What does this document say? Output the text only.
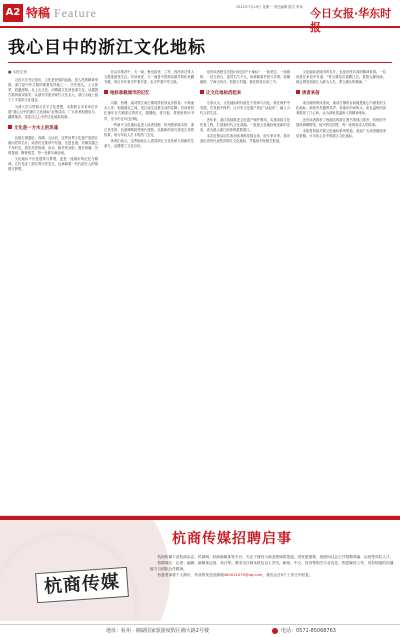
A2 特稿 Feature	2022年7月19日 星期一 责任编辑 版式 审读 今日女报·华东时报
我心目中的浙江文化地标
■ 本报记者

习近平总书记指出，文化是民族的血脉，是人民的精神家园。浙江是中华文明的重要发祥地之一，历史悠久，人文荟萃，底蕴深厚。从上山文化、河姆渡文化到良渚文化，从越国古都到南宋临安，从浙东学派到现代文化名人，浙江大地上留下了丰富的文化遗存。

为深入学习贯彻习近平文化思想，本报联合多家单位开展“我心目中的浙江文化地标”征集活动，广大读者积极参与，踊跃推荐，讲述自己心中的文化地标故事。

文化是一方水土的灵魂

良渚古城遗址、西湖、大运河，这些世界文化遗产是浙江最闪亮的名片。读者们在推荐中写道，走进良渚，仿佛穿越五千年时光，看见先民筑城、治水、耕作的身影；漫步西湖，苏堤春晓、断桥残雪，每一处都写满诗意。

文化地标不仅是建筑与景观，更是一座城市的记忆与精神。它们见证了浙江的历史变迁，也承载着一代代浙江人的情感与梦想。

在众多推荐中，天一阁、鲁迅故里、兰亭、西泠印社等人文胜迹备受关注。有读者说，天一阁是中国现存最早的私家藏书楼，四百多年来守护着书香，也守护着中华文脉。

地标承载城市的记忆

乌镇、西塘、南浔等江南古镇同样获得众多推荐。小桥流水人家，粉墙黛瓦之间，是江南生活最生动的注脚。有读者回忆童年在古镇度过的时光，摇橹船、青石板、茶馆里的评书声，至今仍在耳边回响。

一些新兴文化地标也进入读者视野。杭州国家版本馆、浙江美术馆、良渚博物院等现代建筑，以崭新的形式讲述古老的故事，成为年轻人打卡的热门去处。

读者们表示，这些地标让人看到浙江文化传承与创新的生命力，也增强了文化自信。

也有读者把目光投向身边的“小地标”：一座老宅、一座廊桥、一处古戏台，虽然名气不大，却承载着乡愁与乡情。泰顺廊桥、宁海古戏台、松阳古村落，都在推荐名单之中。

让文化地标活起来

专家认为，文化地标的价值在于传承与活化。要在保护中发展，在发展中保护，让历史文化遗产真正“活起来”，融入当代人的生活。

近年来，浙江持续推进文化遗产保护利用，实施宋韵文化传世工程，打造新时代文化高地。一批批文化地标焕发新的光彩，成为展示浙江形象的重要窗口。

本次征集活动共收到读者推荐数百条，经专家评审，将评选出具有代表性的浙江文化地标，并陆续刊发相关报道。

文化地标是城市的名片，也是市民共同的精神家园。一位读者在来信中写道：“每当我站在钱塘江边，看着大潮奔涌，就会感受到浙江人敢为人先、勇立潮头的精神。”

读者来信

来自湖州的读者说，南浔古镇的百间楼是她心中最美的文化地标，那里有外婆的笑声，有童年的河埠头。来自温州的读者推荐了江心屿，认为那里是温州人的精神坐标。

还有读者推荐了西湖边的浙江图书馆孤山馆舍、杭州的中国丝绸博物馆、绍兴的沈园等，每一处都有动人的故事。

本报将持续开展文化地标系列报道，欢迎广大读者继续来信来稿，分享你心目中的浙江文化地标。

杭商传媒
杭商传媒招聘启事

杭商传媒下设杭商杂志、杭商网、杭商新媒体等平台，专注于财经与商业领域的报道。因发展需要，现面向社会公开招聘采编、运营等岗位人才。

招聘岗位：记者、编辑、新媒体运营、设计等。要求全日制本科及以上学历，新闻、中文、经济等相关专业优先，热爱媒体工作，具有较强的沟通能力与团队合作精神。

有意者请将个人简历、作品等发送至邮箱460031079@qq.com，我们会在5个工作日内回复。

地址：杭州 · 湘湖国家旅游度假区湘大路2号楼	电话：0571-85068763
